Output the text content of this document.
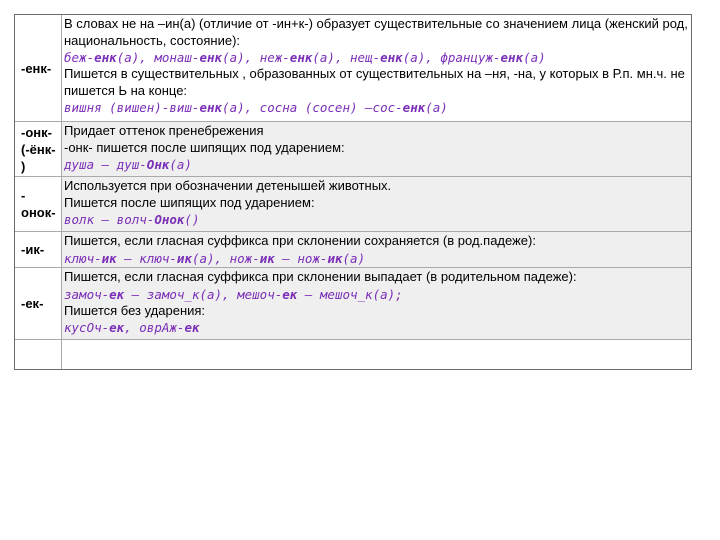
-енк-
В словах не на –ин(а) (отличие от -ин+к-) образует существительные со значением лица (женский род,
национальность, состояние):
беж-енк(а), монаш-енк(а), неж-енк(а), нещ-енк(а), француж-енк(а)
Пишется в существительных , образованных от существительных на –ня, -на, у которых в Р.п. мн.ч. не
пишется Ь на конце:
вишня (вишен)-виш-енк(а), сосна (сосен) –сос-енк(а)
-онк-
(-ёнк-
)
Придает оттенок пренебрежения
-онк- пишется после шипящих под ударением:
душа – душ-Онк(а)
-
онок-
Используется при обозначении детенышей животных.
Пишется после шипящих под ударением:
волк – волч-Онок()
-ик-
Пишется, если гласная суффикса при склонении сохраняется (в род.падеже):
ключ-ик – ключ-ик(а), нож-ик – нож-ик(а)
-ек-
Пишется, если гласная суффикса при склонении выпадает (в родительном падеже):
замоч-ек – замоч_к(а), мешоч-ек – мешоч_к(а);
Пишется без ударения:
кусОч-ек, оврАж-ек
